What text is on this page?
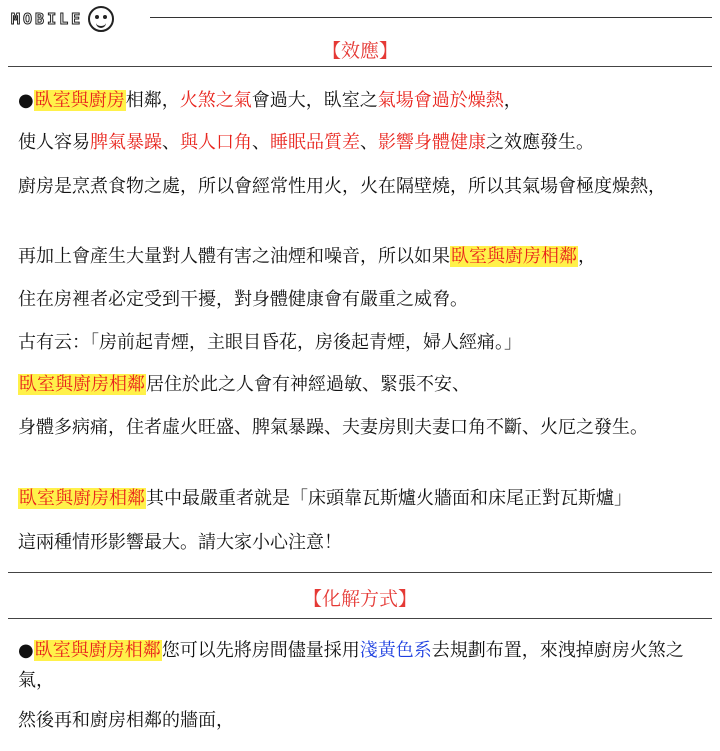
MOBILE
【效應】
●臥室與廚房相鄰，火煞之氣會過大，臥室之氣場會過於燥熱，
使人容易脾氣暴躁、與人口角、睡眠品質差、影響身體健康之效應發生。
廚房是烹煮食物之處，所以會經常性用火，火在隔壁燒，所以其氣場會極度燥熱，
再加上會產生大量對人體有害之油煙和噪音，所以如果臥室與廚房相鄰，
住在房裡者必定受到干擾，對身體健康會有嚴重之威脅。
古有云：「房前起青煙，主眼目昏花，房後起青煙，婦人經痛。」
臥室與廚房相鄰居住於此之人會有神經過敏、緊張不安、
身體多病痛，住者虛火旺盛、脾氣暴躁、夫妻房則夫妻口角不斷、火厄之發生。
臥室與廚房相鄰其中最嚴重者就是「床頭靠瓦斯爐火牆面和床尾正對瓦斯爐」
這兩種情形影響最大。請大家小心注意！
【化解方式】
●臥室與廚房相鄰您可以先將房間儘量採用淺黃色系去規劃布置，來洩掉廚房火煞之氣，
然後再和廚房相鄰的牆面，
